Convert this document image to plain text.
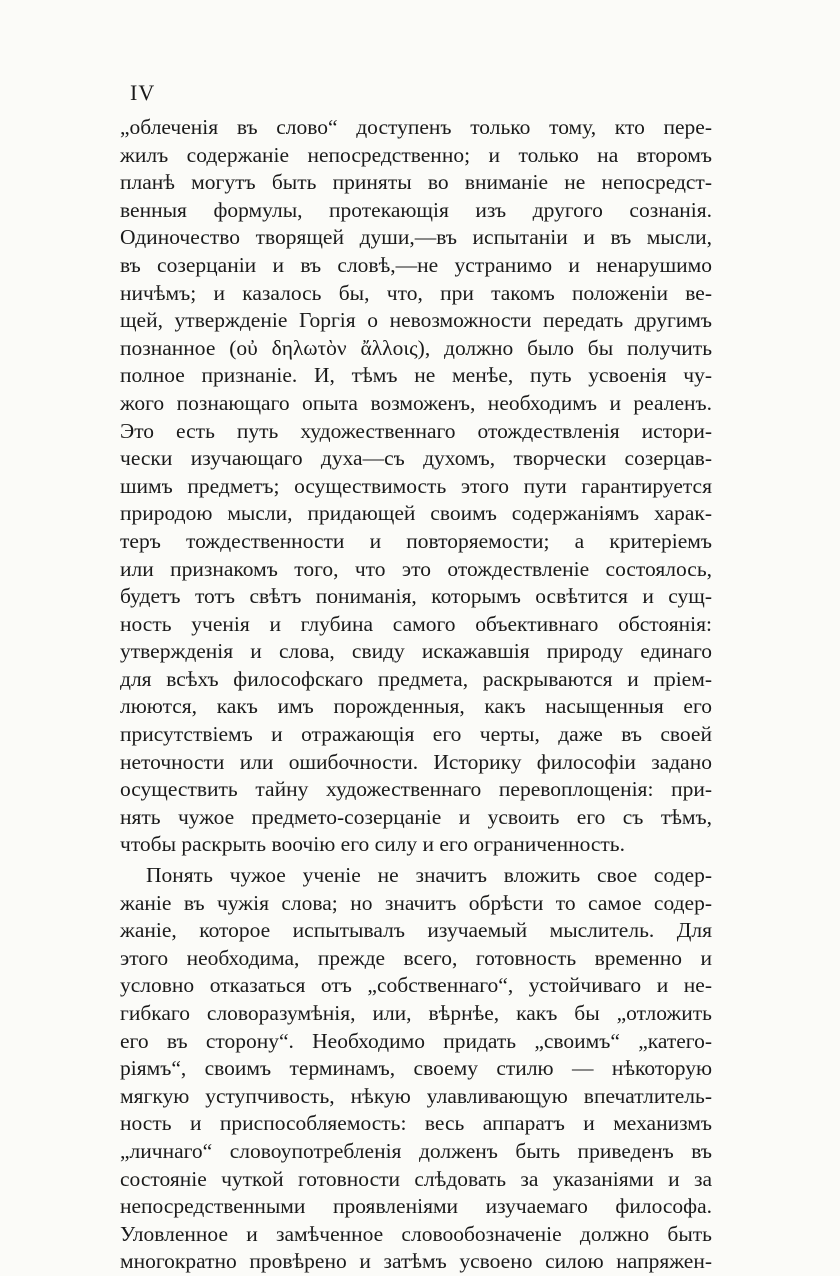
IV
„облеченія въ слово“ доступенъ только тому, кто пере-
жилъ содержаніе непосредственно; и только на второмъ
планѣ могутъ быть приняты во вниманіе не непосредст-
венныя формулы, протекающія изъ другого сознанія.
Одиночество творящей души,—въ испытаніи и въ мысли,
въ созерцаніи и въ словѣ,—не устранимо и ненарушимо
ничѣмъ; и казалось бы, что, при такомъ положеніи ве-
щей, утвержденіе Горгія о невозможности передать другимъ
познанное (οὐ δηλωτὸν ἄλλοις), должно было бы получить
полное признаніе. И, тѣмъ не менѣе, путь усвоенія чу-
жого познающаго опыта возможенъ, необходимъ и реаленъ.
Это есть путь художественнаго отождествленія истори-
чески изучающаго духа—съ духомъ, творчески созерцав-
шимъ предметъ; осуществимость этого пути гарантируется
природою мысли, придающей своимъ содержаніямъ харак-
теръ тождественности и повторяемости; а критеріемъ
или признакомъ того, что это отождествленіе состоялось,
будетъ тотъ свѣтъ пониманія, которымъ освѣтится и сущ-
ность ученія и глубина самого объективнаго обстоянія:
утвержденія и слова, свиду искажавшія природу единаго
для всѣхъ философскаго предмета, раскрываются и пріем-
люются, какъ имъ порожденныя, какъ насыщенныя его
присутствіемъ и отражающія его черты, даже въ своей
неточности или ошибочности. Историку философіи задано
осуществить тайну художественнаго перевоплощенія: при-
нять чужое предмето-созерцаніе и усвоить его съ тѣмъ,
чтобы раскрыть воочію его силу и его ограниченность.
Понять чужое ученіе не значитъ вложить свое содер-
жаніе въ чужія слова; но значитъ обрѣсти то самое содер-
жаніе, которое испытывалъ изучаемый мыслитель. Для
этого необходима, прежде всего, готовность временно и
условно отказаться отъ „собственнаго“, устойчиваго и не-
гибкаго словоразумѣнія, или, вѣрнѣе, какъ бы „отложить
его въ сторону“. Необходимо придать „своимъ“ „катего-
ріямъ“, своимъ терминамъ, своему стилю — нѣкоторую
мягкую уступчивость, нѣкую улавливающую впечатлитель-
ность и приспособляемость: весь аппаратъ и механизмъ
„личнаго“ словоупотребленія долженъ быть приведенъ въ
состояніе чуткой готовности слѣдовать за указаніями и за
непосредственными проявленіями изучаемаго философа.
Уловленное и замѣченное словообозначеніе должно быть
многократно провѣрено и затѣмъ усвоено силою напряжен-
